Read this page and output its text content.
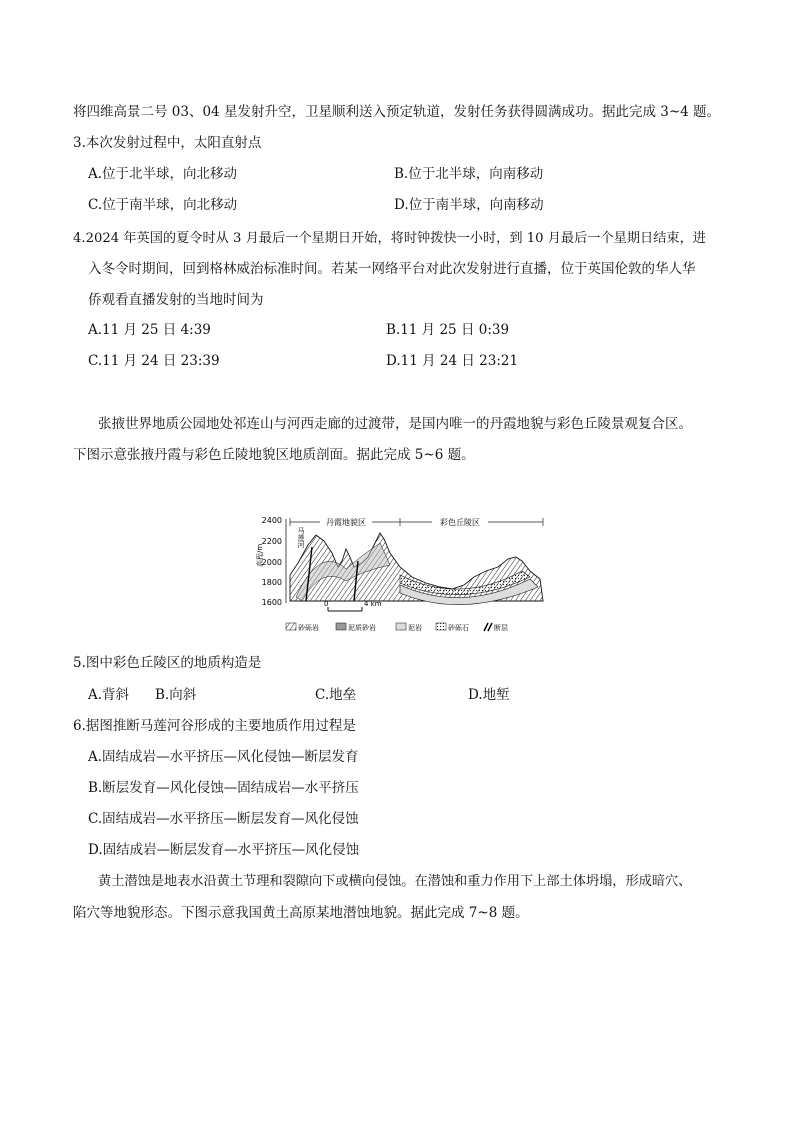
将四维高景二号 03、04 星发射升空，卫星顺利送入预定轨道，发射任务获得圆满成功。据此完成 3~4 题。
3.本次发射过程中，太阳直射点
A.位于北半球，向北移动	B.位于北半球，向南移动
C.位于南半球，向北移动	D.位于南半球，向南移动
4.2024 年英国的夏令时从 3 月最后一个星期日开始，将时钟拨快一小时，到 10 月最后一个星期日结束，进
入冬令时期间，回到格林威治标准时间。若某一网络平台对此次发射进行直播，位于英国伦敦的华人华
侨观看直播发射的当地时间为
A.11 月 25 日 4:39	B.11 月 25 日 0:39
C.11 月 24 日 23:39	D.11 月 24 日 23:21
张掖世界地质公园地处祁连山与河西走廊的过渡带，是国内唯一的丹霞地貌与彩色丘陵景观复合区。
下图示意张掖丹霞与彩色丘陵地貌区地质剖面。据此完成 5~6 题。
2400
2200
2000
1800
1600
高程/m
马莲河
丹霞地貌区	彩色丘陵区
0	4 km
砂砾岩	泥质砂岩	泥岩	砂砾石	断层
5.图中彩色丘陵区的地质构造是
A.背斜 B.向斜	C.地垒	D.地堑
6.据图推断马莲河谷形成的主要地质作用过程是
A.固结成岩—水平挤压—风化侵蚀—断层发育
B.断层发育—风化侵蚀—固结成岩—水平挤压
C.固结成岩—水平挤压—断层发育—风化侵蚀
D.固结成岩—断层发育—水平挤压—风化侵蚀
黄土潜蚀是地表水沿黄土节理和裂隙向下或横向侵蚀。在潜蚀和重力作用下上部土体坍塌，形成暗穴、
陷穴等地貌形态。下图示意我国黄土高原某地潜蚀地貌。据此完成 7~8 题。
